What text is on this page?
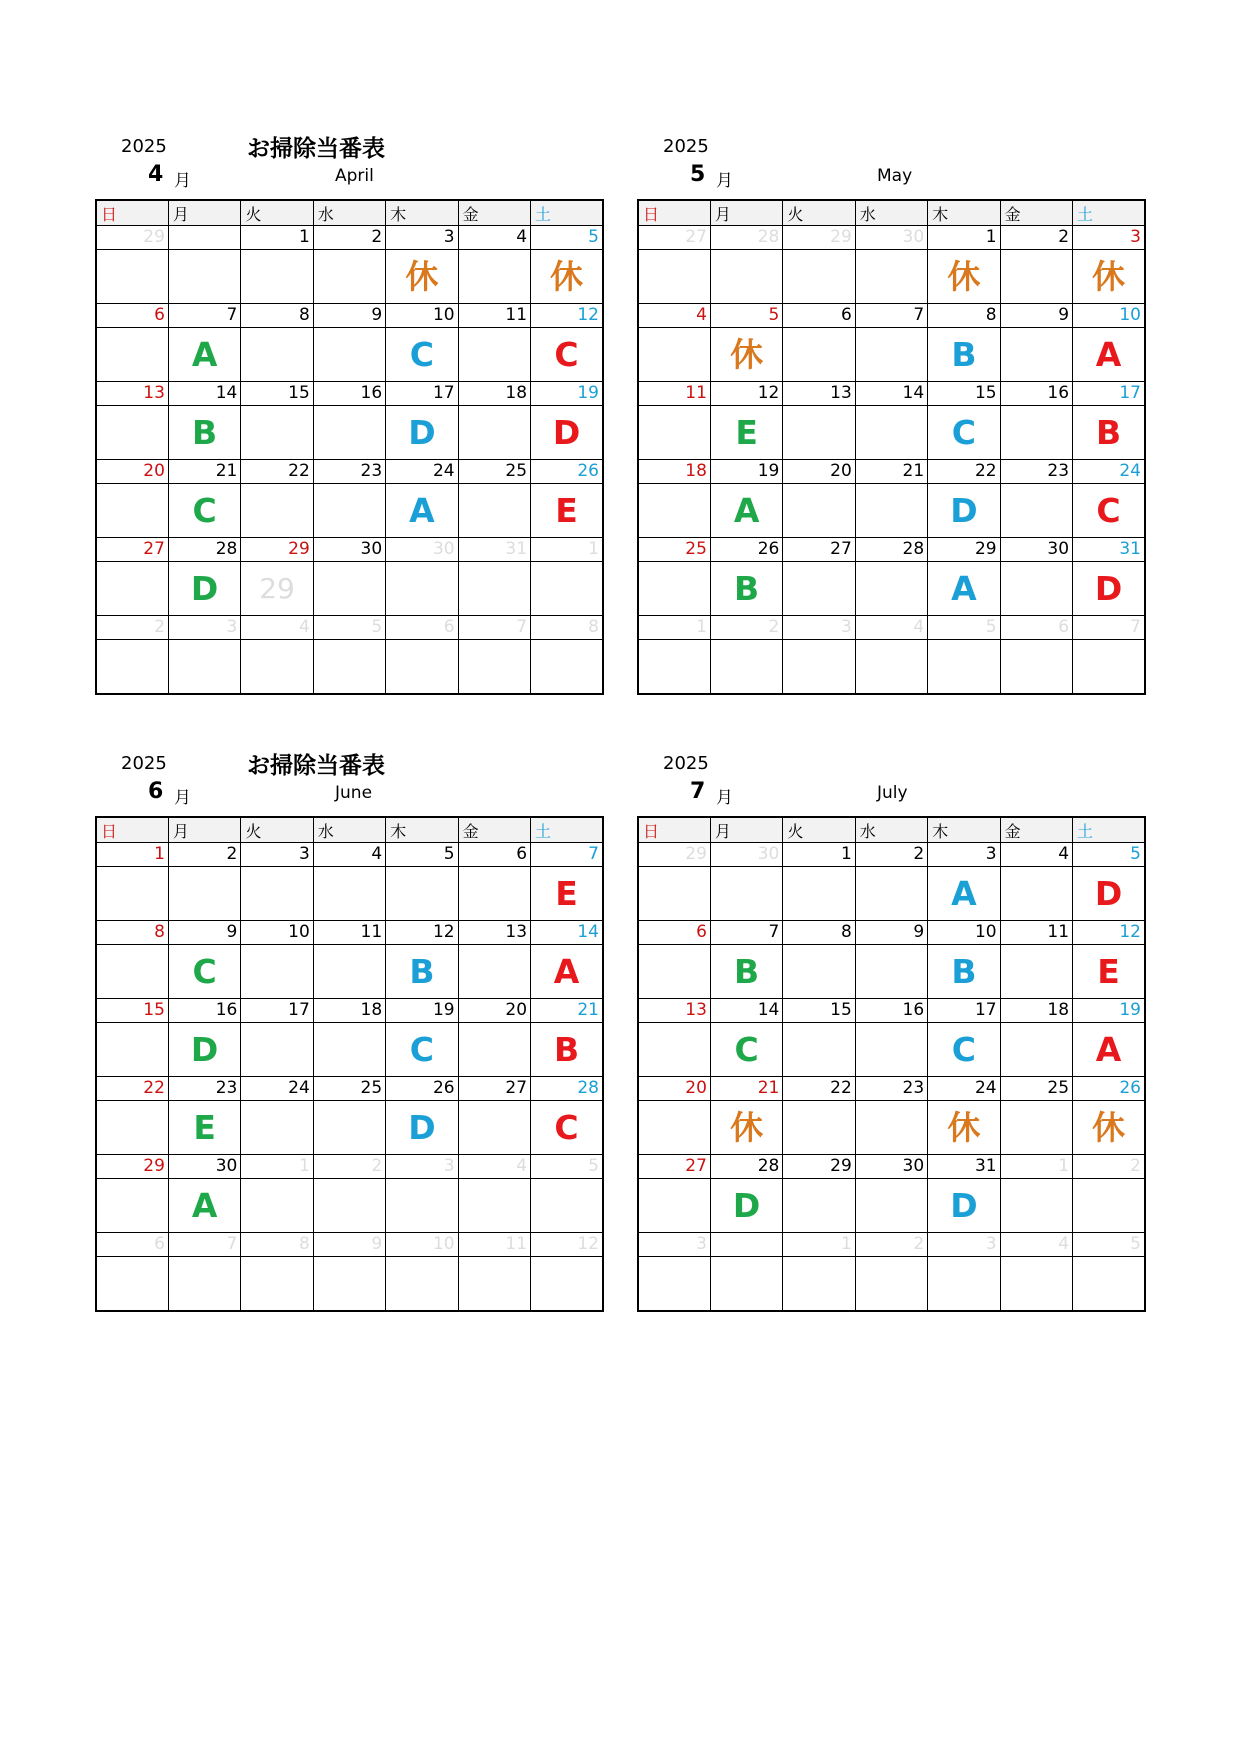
2025	お掃除当番表
4 月	April
日	月	火	水	木	金	土
29		1	2	3	4	5
				休		休
6	7	8	9	10	11	12
	A			C		C
13	14	15	16	17	18	19
	B			D		D
20	21	22	23	24	25	26
	C			A		E
27	28	29	30	30	31	1
	D	29				
2	3	4	5	6	7	8

2025
5 月	May
日	月	火	水	木	金	土
27	28	29	30	1	2	3
				休		休
4	5	6	7	8	9	10
	休			B		A
11	12	13	14	15	16	17
	E			C		B
18	19	20	21	22	23	24
	A			D		C
25	26	27	28	29	30	31
	B			A		D
1	2	3	4	5	6	7

2025	お掃除当番表
6 月	June
日	月	火	水	木	金	土
1	2	3	4	5	6	7
						E
8	9	10	11	12	13	14
	C			B		A
15	16	17	18	19	20	21
	D			C		B
22	23	24	25	26	27	28
	E			D		C
29	30	1	2	3	4	5
	A					
6	7	8	9	10	11	12

2025
7 月	July
日	月	火	水	木	金	土
29	30	1	2	3	4	5
				A		D
6	7	8	9	10	11	12
	B			B		E
13	14	15	16	17	18	19
	C			C		A
20	21	22	23	24	25	26
	休			休		休
27	28	29	30	31	1	2
	D			D		
3		1	2	3	4	5
